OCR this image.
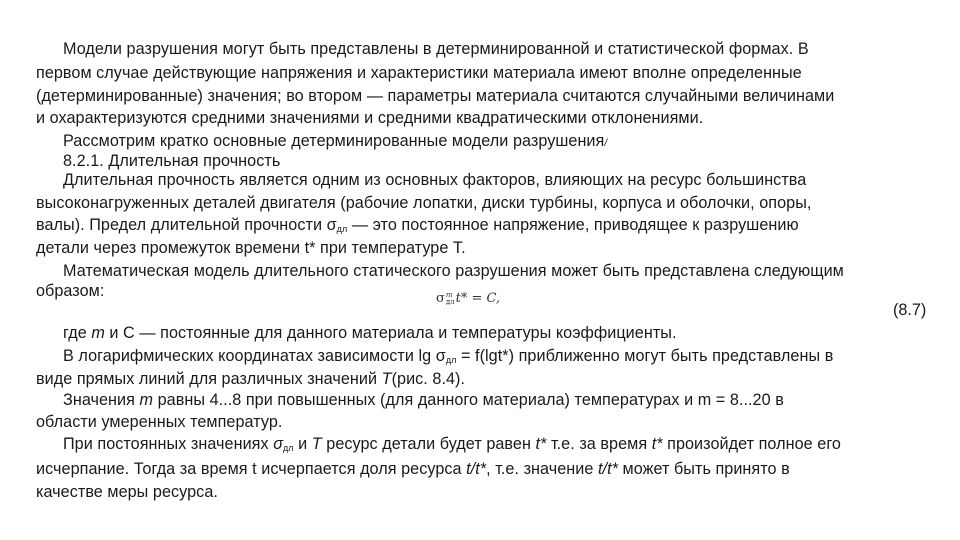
Модели разрушения могут быть представлены в детерминированной и статистической формах. В

первом случае действующие напряжения и характеристики материала имеют вполне определенные

(детерминированные) значения; во втором — параметры материала считаются случайными величинами

и охарактеризуются средними значениями и средними квадратическими отклонениями.

Рассмотрим кратко основные детерминированные модели разрушения/

8.2.1. Длительная прочность

Длительная прочность является одним из основных факторов, влияющих на ресурс большинства

высоконагруженных деталей двигателя (рабочие лопатки, диски турбины, корпуса и оболочки, опоры,

валы). Предел длительной прочности $\sigma_{дл}$ — это постоянное напряжение, приводящее к разрушению

детали через промежуток времени t* при температуре T.

Математическая модель длительного статического разрушения может быть представлена следующим

образом:	σ m
дл t* = C,
(8.7)

где m и C — постоянные для данного материала и температуры коэффициенты.

В логарифмических координатах зависимости $\lg \sigma_{дл} = f(\lg t*)$ приближенно могут быть представлены в

виде прямых линий для различных значений T(рис. 8.4).

Значения m равны 4...8 при повышенных (для данного материала) температурах и m = 8...20 в

области умеренных температур.

При постоянных значениях $\sigma_{дл}$ и T ресурс детали будет равен t* т.е. за время t* произойдет полное его

исчерпание. Тогда за время t исчерпается доля ресурса t/t*, т.е. значение t/t* может быть принято в

качестве меры ресурса.
